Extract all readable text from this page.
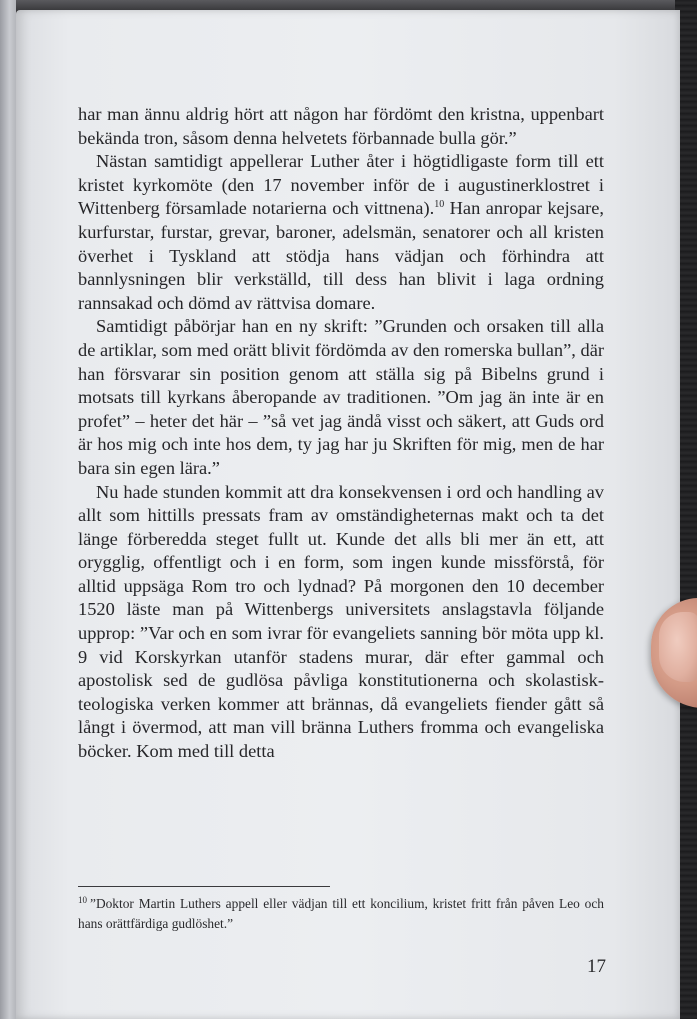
har man ännu aldrig hört att någon har fördömt den kristna, uppenbart bekända tron, såsom denna helvetets förbannade bulla gör.”

Nästan samtidigt appellerar Luther åter i högtidligaste form till ett kristet kyrkomöte (den 17 november inför de i augustinerklostret i Wittenberg församlade notarierna och vittnena).$^{10}$ Han anropar kejsare, kurfurstar, furstar, grevar, baroner, adelsmän, senatorer och all kristen överhet i Tyskland att stödja hans vädjan och förhindra att bannlysningen blir verkställd, till dess han blivit i laga ordning rannsakad och dömd av rättvisa domare.

Samtidigt påbörjar han en ny skrift: ”Grunden och orsaken till alla de artiklar, som med orätt blivit fördömda av den romerska bullan”, där han försvarar sin position genom att ställa sig på Bibelns grund i motsats till kyrkans åberopande av traditionen. ”Om jag än inte är en profet” – heter det här – ”så vet jag ändå visst och säkert, att Guds ord är hos mig och inte hos dem, ty jag har ju Skriften för mig, men de har bara sin egen lära.”

Nu hade stunden kommit att dra konsekvensen i ord och handling av allt som hittills pressats fram av omständigheternas makt och ta det länge förberedda steget fullt ut. Kunde det alls bli mer än ett, att orygglig, offentligt och i en form, som ingen kunde missförstå, för alltid uppsäga Rom tro och lydnad? På morgonen den 10 december 1520 läste man på Wittenbergs universitets anslagstavla följande upprop: ”Var och en som ivrar för evangeliets sanning bör möta upp kl. 9 vid Korskyrkan utanför stadens murar, där efter gammal och apostolisk sed de gudlösa påvliga konstitutionerna och skolastisk-teologiska verken kommer att brännas, då evangeliets fiender gått så långt i övermod, att man vill bränna Luthers fromma och evangeliska böcker. Kom med till detta

$^{10}$ ”Doktor Martin Luthers appell eller vädjan till ett koncilium, kristet fritt från påven Leo och hans orättfärdiga gudlöshet.”
17
